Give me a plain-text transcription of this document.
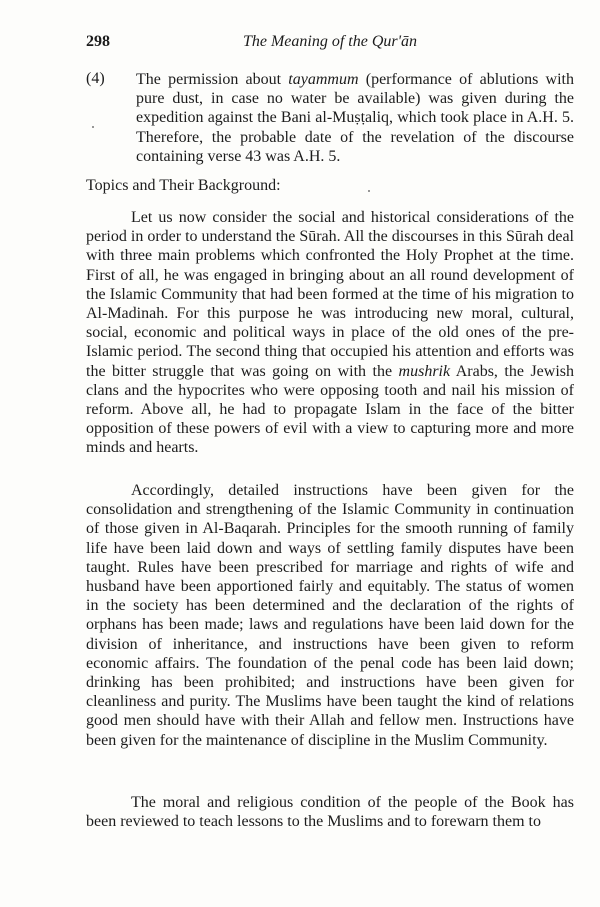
298	The Meaning of the Qur'ān
(4) The permission about tayammum (performance of ablutions with pure dust, in case no water be available) was given during the expedition against the Bani al-Muṣṭaliq, which took place in A.H. 5. Therefore, the probable date of the revelation of the discourse containing verse 43 was A.H. 5.
Topics and Their Background:

Let us now consider the social and historical considerations of the period in order to understand the Sūrah. All the discourses in this Sūrah deal with three main problems which confronted the Holy Prophet at the time. First of all, he was engaged in bringing about an all round development of the Islamic Community that had been formed at the time of his migration to Al-Madinah. For this purpose he was introducing new moral, cultural, social, economic and political ways in place of the old ones of the pre-Islamic period. The second thing that occupied his attention and efforts was the bitter struggle that was going on with the mushrik Arabs, the Jewish clans and the hypocrites who were opposing tooth and nail his mission of reform. Above all, he had to propagate Islam in the face of the bitter opposition of these powers of evil with a view to capturing more and more minds and hearts.

Accordingly, detailed instructions have been given for the consolidation and strengthening of the Islamic Community in continuation of those given in Al-Baqarah. Principles for the smooth running of family life have been laid down and ways of settling family disputes have been taught. Rules have been prescribed for marriage and rights of wife and husband have been apportioned fairly and equitably. The status of women in the society has been determined and the declaration of the rights of orphans has been made; laws and regulations have been laid down for the division of inheritance, and instructions have been given to reform economic affairs. The foundation of the penal code has been laid down; drinking has been prohibited; and instructions have been given for cleanliness and purity. The Muslims have been taught the kind of relations good men should have with their Allah and fellow men. Instructions have been given for the maintenance of discipline in the Muslim Community.

The moral and religious condition of the people of the Book has been reviewed to teach lessons to the Muslims and to forewarn them to
